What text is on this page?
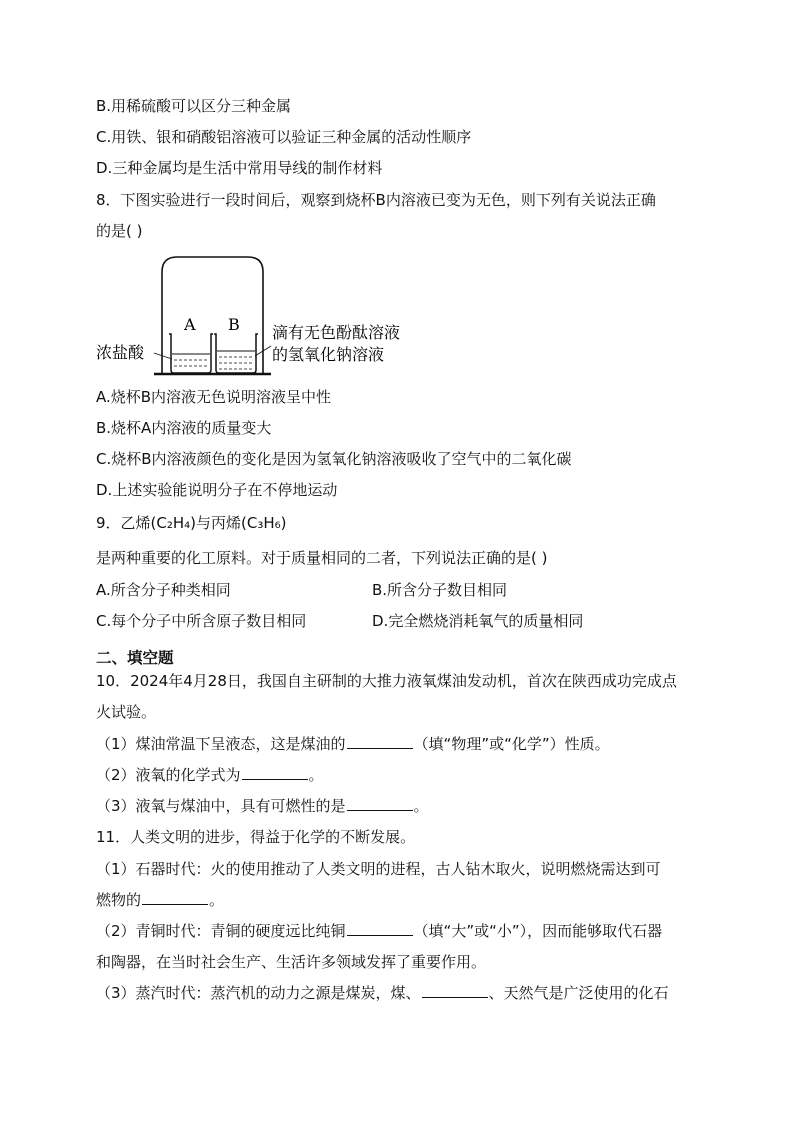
B.用稀硫酸可以区分三种金属
C.用铁、银和硝酸铝溶液可以验证三种金属的活动性顺序
D.三种金属均是生活中常用导线的制作材料
8．下图实验进行一段时间后，观察到烧杯B内溶液已变为无色，则下列有关说法正确
的是( )
A B
浓盐酸
滴有无色酚酞溶液
的氢氧化钠溶液
A.烧杯B内溶液无色说明溶液呈中性
B.烧杯A内溶液的质量变大
C.烧杯B内溶液颜色的变化是因为氢氧化钠溶液吸收了空气中的二氧化碳
D.上述实验能说明分子在不停地运动
9．乙烯(C₂H₄)与丙烯(C₃H₆)
是两种重要的化工原料。对于质量相同的二者，下列说法正确的是( )
A.所含分子种类相同	B.所含分子数目相同
C.每个分子中所含原子数目相同	D.完全燃烧消耗氧气的质量相同
二、填空题
10．2024年4月28日，我国自主研制的大推力液氧煤油发动机，首次在陕西成功完成点
火试验。
（1）煤油常温下呈液态，这是煤油的	（填“物理”或“化学”）性质。
（2）液氧的化学式为	。
（3）液氧与煤油中，具有可燃性的是	。
11．人类文明的进步，得益于化学的不断发展。
（1）石器时代：火的使用推动了人类文明的进程，古人钻木取火，说明燃烧需达到可
燃物的	。
（2）青铜时代：青铜的硬度远比纯铜	（填“大”或“小”），因而能够取代石器
和陶器，在当时社会生产、生活许多领域发挥了重要作用。
（3）蒸汽时代：蒸汽机的动力之源是煤炭，煤、	、天然气是广泛使用的化石
